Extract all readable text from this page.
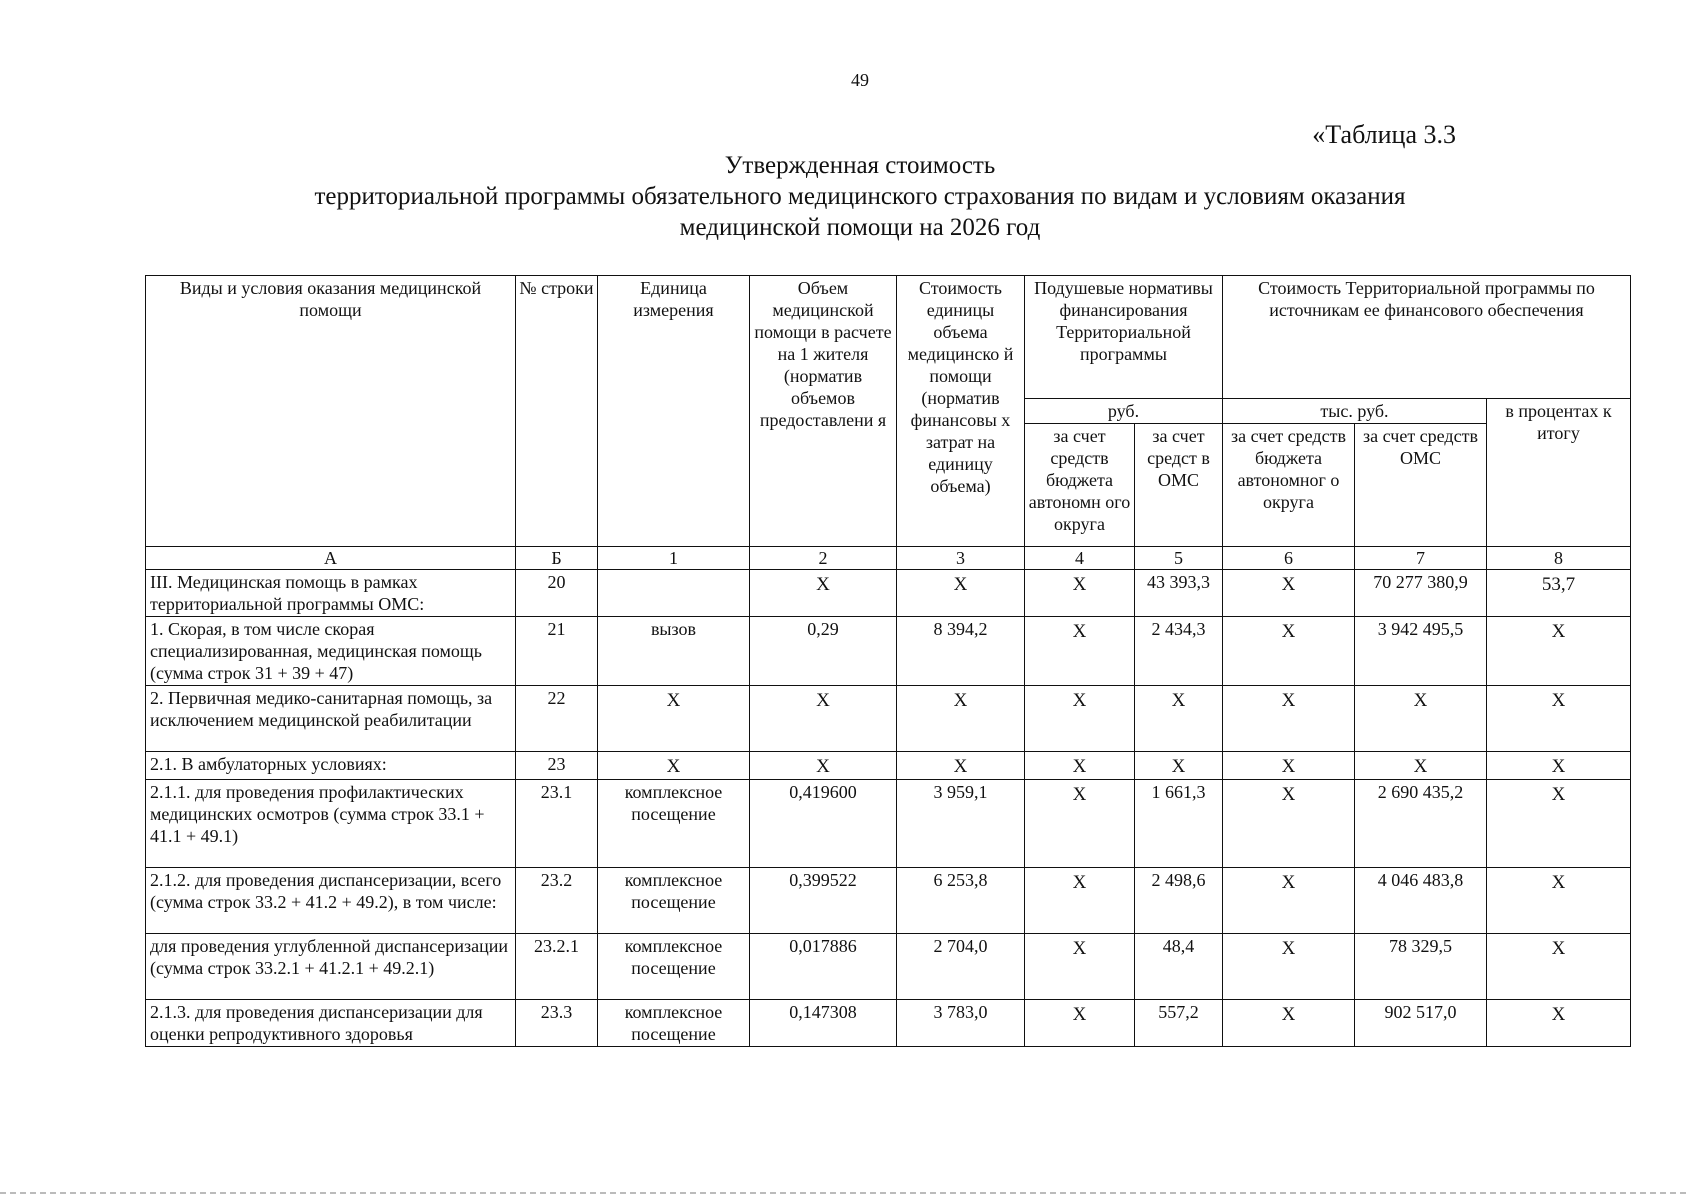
49
«Таблица 3.3
Утвержденная стоимость
территориальной программы обязательного медицинского страхования по видам и условиям оказания
медицинской помощи на 2026 год
Виды и условия оказания медицинской помощи	№ строки	Единица измерения	Объем медицинской помощи в расчете на 1 жителя (норматив объемов предоставлени я	Стоимость единицы объема медицинско й помощи (норматив финансовы х затрат на единицу объема)	Подушевые нормативы финансирования Территориальной программы		Стоимость Территориальной программы по источникам ее финансового обеспечения		
					руб.		тыс. руб.		в процентах к итогу
					за счет средств бюджета автономн ого округа	за счет средст в ОМС	за счет средств бюджета автономног о округа	за счет средств ОМС	
А	Б	1	2	3	4	5	6	7	8
III. Медицинская помощь в рамках территориальной программы ОМС:	20		Х	Х	Х	43 393,3	Х	70 277 380,9	53,7
1. Скорая, в том числе скорая специализированная, медицинская помощь (сумма строк 31 + 39 + 47)	21	вызов	0,29	8 394,2	Х	2 434,3	Х	3 942 495,5	Х
2. Первичная медико-санитарная помощь, за исключением медицинской реабилитации	22	Х	Х	Х	Х	Х	Х	Х	Х
2.1. В амбулаторных условиях:	23	Х	Х	Х	Х	Х	Х	Х	Х
2.1.1. для проведения профилактических медицинских осмотров (сумма строк 33.1 + 41.1 + 49.1)	23.1	комплексное посещение	0,419600	3 959,1	Х	1 661,3	Х	2 690 435,2	Х
2.1.2. для проведения диспансеризации, всего (сумма строк 33.2 + 41.2 + 49.2), в том числе:	23.2	комплексное посещение	0,399522	6 253,8	Х	2 498,6	Х	4 046 483,8	Х
для проведения углубленной диспансеризации (сумма строк 33.2.1 + 41.2.1 + 49.2.1)	23.2.1	комплексное посещение	0,017886	2 704,0	Х	48,4	Х	78 329,5	Х
2.1.3. для проведения диспансеризации для оценки репродуктивного здоровья	23.3	комплексное посещение	0,147308	3 783,0	Х	557,2	Х	902 517,0	Х
